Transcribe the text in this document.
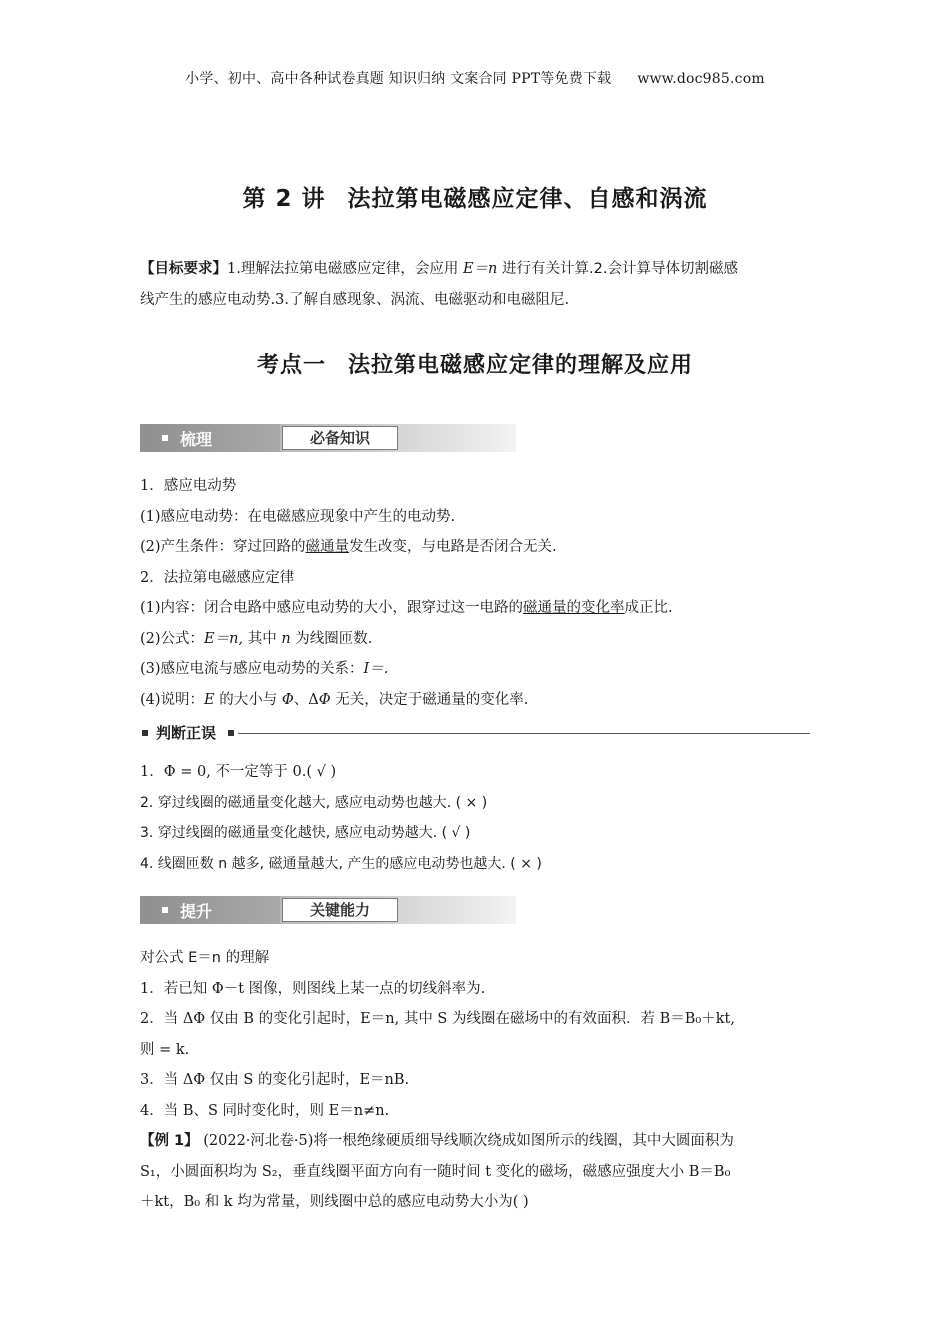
小学、初中、高中各种试卷真题 知识归纳 文案合同 PPT等免费下载 www.doc985.com
第 2 讲 法拉第电磁感应定律、自感和涡流
【目标要求】1.理解法拉第电磁感应定律，会应用 E＝n 进行有关计算.2.会计算导体切割磁感
线产生的感应电动势.3.了解自感现象、涡流、电磁驱动和电磁阻尼.
考点一 法拉第电磁感应定律的理解及应用
梳理	必备知识
1．感应电动势
(1)感应电动势：在电磁感应现象中产生的电动势.
(2)产生条件：穿过回路的磁通量发生改变，与电路是否闭合无关.
2．法拉第电磁感应定律
(1)内容：闭合电路中感应电动势的大小，跟穿过这一电路的磁通量的变化率成正比.
(2)公式：E＝n, 其中 n 为线圈匝数.
(3)感应电流与感应电动势的关系：I＝.
(4)说明：E 的大小与 Φ、ΔΦ 无关，决定于磁通量的变化率.
判断正误
1．Φ = 0, 不一定等于 0.( √ )
2. 穿过线圈的磁通量变化越大, 感应电动势也越大. ( × )
3. 穿过线圈的磁通量变化越快, 感应电动势越大. ( √ )
4. 线圈匝数 n 越多, 磁通量越大, 产生的感应电动势也越大. ( × )
提升	关键能力
对公式 E＝n 的理解
1．若已知 Φ－t 图像，则图线上某一点的切线斜率为.
2．当 ΔΦ 仅由 B 的变化引起时，E＝n, 其中 S 为线圈在磁场中的有效面积．若 B＝B₀＋kt,
则 = k.
3．当 ΔΦ 仅由 S 的变化引起时，E＝nB.
4．当 B、S 同时变化时，则 E＝n≠n.
【例 1】 (2022·河北卷·5)将一根绝缘硬质细导线顺次绕成如图所示的线圈，其中大圆面积为
S₁，小圆面积均为 S₂，垂直线圈平面方向有一随时间 t 变化的磁场，磁感应强度大小 B＝B₀
＋kt，B₀ 和 k 均为常量，则线圈中总的感应电动势大小为( )
